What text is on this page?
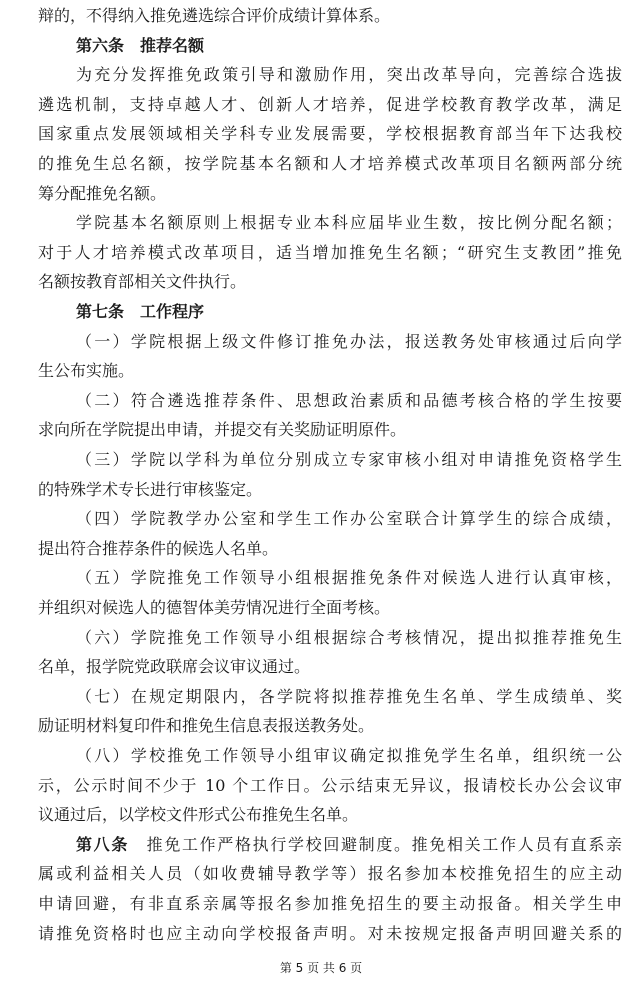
辩的，不得纳入推免遴选综合评价成绩计算体系。
第六条　推荐名额
为充分发挥推免政策引导和激励作用，突出改革导向，完善综合选拔
遴选机制，支持卓越人才、创新人才培养，促进学校教育教学改革，满足
国家重点发展领域相关学科专业发展需要，学校根据教育部当年下达我校
的推免生总名额，按学院基本名额和人才培养模式改革项目名额两部分统
筹分配推免名额。
学院基本名额原则上根据专业本科应届毕业生数，按比例分配名额；
对于人才培养模式改革项目，适当增加推免生名额；“研究生支教团”推免
名额按教育部相关文件执行。
第七条　工作程序
（一）学院根据上级文件修订推免办法，报送教务处审核通过后向学
生公布实施。
（二）符合遴选推荐条件、思想政治素质和品德考核合格的学生按要
求向所在学院提出申请，并提交有关奖励证明原件。
（三）学院以学科为单位分别成立专家审核小组对申请推免资格学生
的特殊学术专长进行审核鉴定。
（四）学院教学办公室和学生工作办公室联合计算学生的综合成绩，
提出符合推荐条件的候选人名单。
（五）学院推免工作领导小组根据推免条件对候选人进行认真审核，
并组织对候选人的德智体美劳情况进行全面考核。
（六）学院推免工作领导小组根据综合考核情况，提出拟推荐推免生
名单，报学院党政联席会议审议通过。
（七）在规定期限内，各学院将拟推荐推免生名单、学生成绩单、奖
励证明材料复印件和推免生信息表报送教务处。
（八）学校推免工作领导小组审议确定拟推免学生名单，组织统一公
示，公示时间不少于 10 个工作日。公示结束无异议，报请校长办公会议审
议通过后，以学校文件形式公布推免生名单。
第八条　推免工作严格执行学校回避制度。推免相关工作人员有直系亲
属或利益相关人员（如收费辅导教学等）报名参加本校推免招生的应主动
申请回避，有非直系亲属等报名参加推免招生的要主动报备。相关学生申
请推免资格时也应主动向学校报备声明。对未按规定报备声明回避关系的
第 5 页 共 6 页
